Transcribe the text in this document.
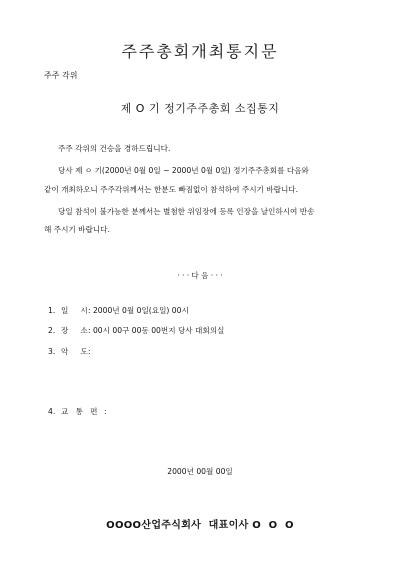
주주총회개최통지문
주주 각위
제 O 기 정기주주총회 소집통지
주주 각위의 건승을 경하드립니다.
당사 제 ㅇ 기(2000년 0월 0일 ~ 2000년 0월 0일) 정기주주총회를 다음와
같이 개최하오니 주주각위께서는 한분도 빠짐없이 참석하여 주시기 바랍니다.
당일 참석이 불가능한 분께서는 별첨한 위임장에 등록 인장을 날인하시여 반송
해 주시기 바랍니다.
· · · 다 음 · · ·
1. 일     시: 2000년 0월 0일(요일) 00시
2. 장     소: 00시 00구 00동 00번지 당사 대회의실
3. 악     도:
4. 교   통   편 :
2000년 00월 00일
OOOO산업주식회사  대표이사 O  O  O
